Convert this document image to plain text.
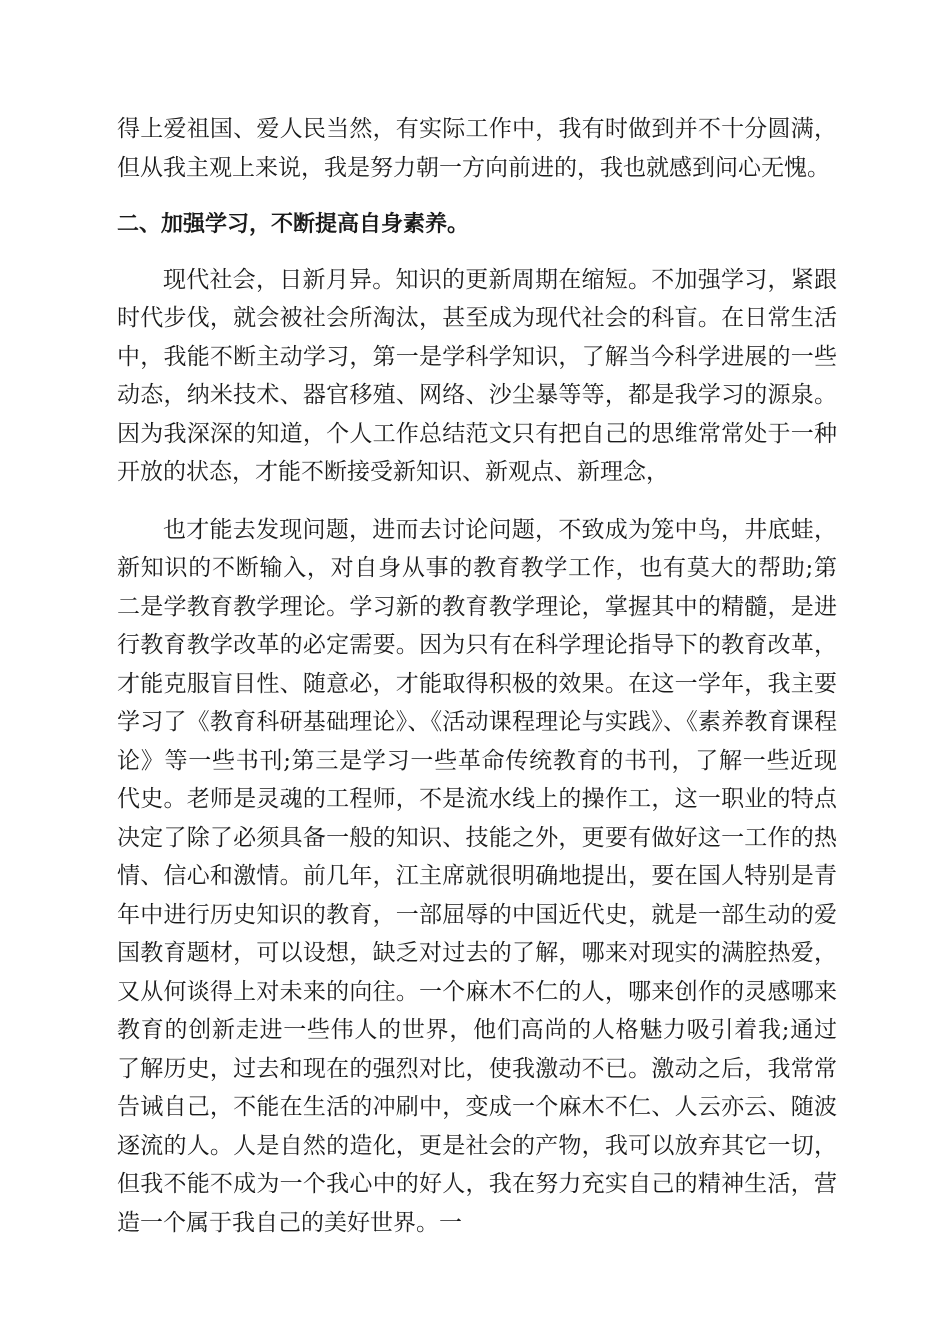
得上爱祖国、爱人民当然，有实际工作中，我有时做到并不十分圆满，但从我主观上来说，我是努力朝一方向前进的，我也就感到问心无愧。

二、加强学习，不断提高自身素养。

现代社会，日新月异。知识的更新周期在缩短。不加强学习，紧跟时代步伐，就会被社会所淘汰，甚至成为现代社会的科盲。在日常生活中，我能不断主动学习，第一是学科学知识，了解当今科学进展的一些动态，纳米技术、器官移殖、网络、沙尘暴等等，都是我学习的源泉。因为我深深的知道，个人工作总结范文只有把自己的思维常常处于一种开放的状态，才能不断接受新知识、新观点、新理念，

也才能去发现问题，进而去讨论问题，不致成为笼中鸟，井底蛙，新知识的不断输入，对自身从事的教育教学工作，也有莫大的帮助;第二是学教育教学理论。学习新的教育教学理论，掌握其中的精髓，是进行教育教学改革的必定需要。因为只有在科学理论指导下的教育改革，才能克服盲目性、随意必，才能取得积极的效果。在这一学年，我主要学习了《教育科研基础理论》、《活动课程理论与实践》、《素养教育课程论》等一些书刊;第三是学习一些革命传统教育的书刊，了解一些近现代史。老师是灵魂的工程师，不是流水线上的操作工，这一职业的特点决定了除了必须具备一般的知识、技能之外，更要有做好这一工作的热情、信心和激情。前几年，江主席就很明确地提出，要在国人特别是青年中进行历史知识的教育，一部屈辱的中国近代史，就是一部生动的爱国教育题材，可以设想，缺乏对过去的了解，哪来对现实的满腔热爱，又从何谈得上对未来的向往。一个麻木不仁的人，哪来创作的灵感哪来教育的创新走进一些伟人的世界，他们高尚的人格魅力吸引着我;通过了解历史，过去和现在的强烈对比，使我激动不已。激动之后，我常常告诫自己，不能在生活的冲刷中，变成一个麻木不仁、人云亦云、随波逐流的人。人是自然的造化，更是社会的产物，我可以放弃其它一切，但我不能不成为一个我心中的好人，我在努力充实自己的精神生活，营造一个属于我自己的美好世界。一
